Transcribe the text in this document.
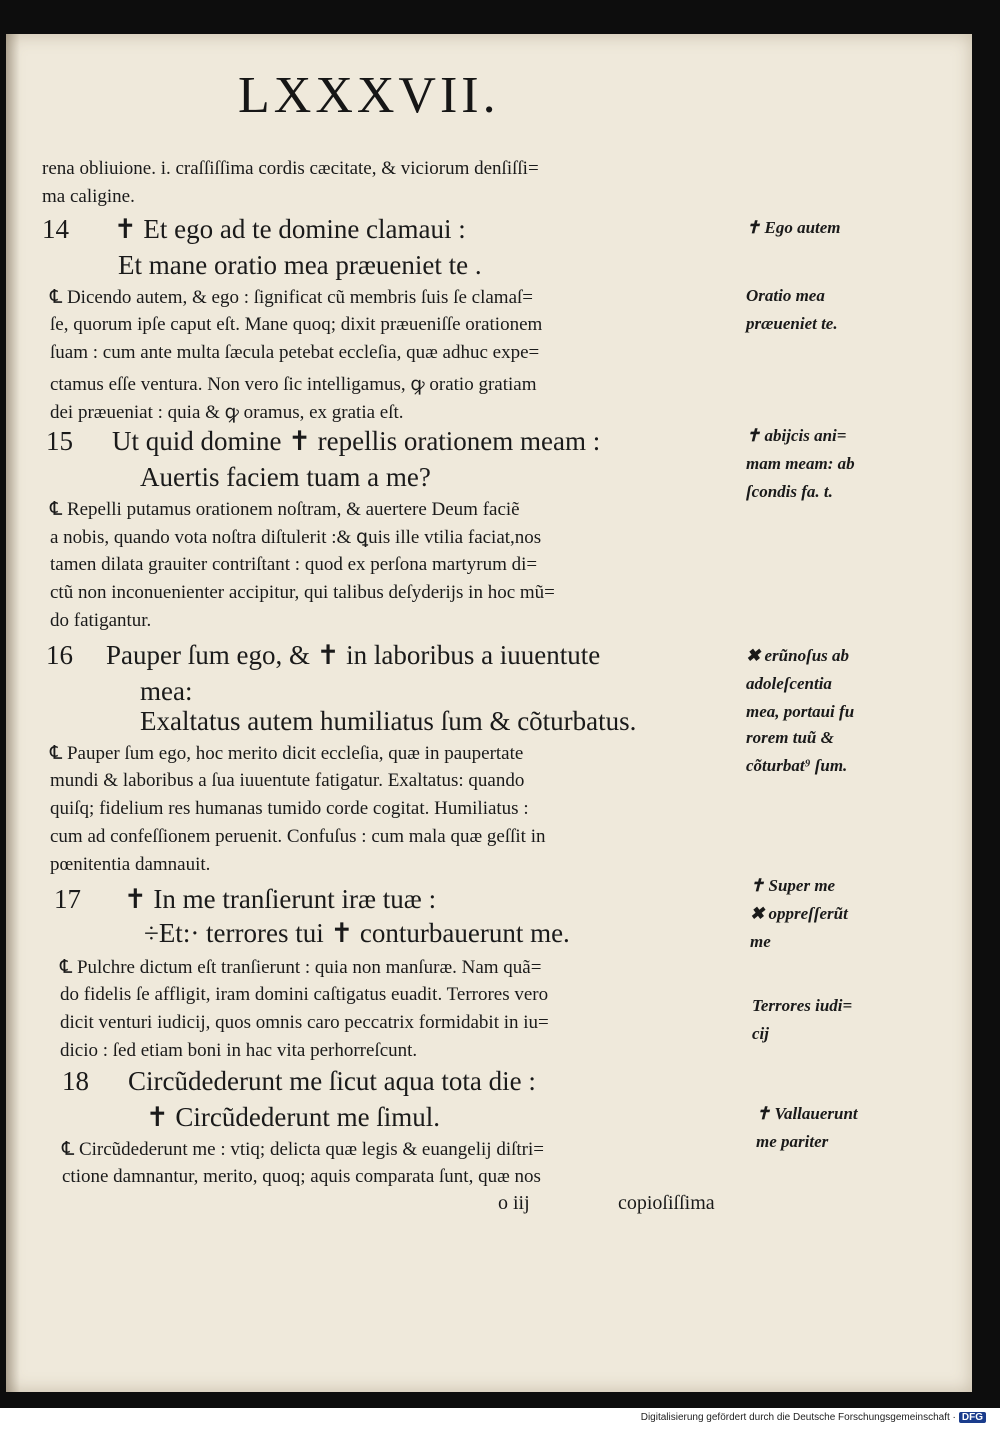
LXXXVII.
rena obliuione. i. craſſiſſima cordis cæcitate, & viciorum denſiſſi=
ma caligine.
14 ✝ Et ego ad te domine clamaui :
Et mane oratio mea præueniet te .
℄ Dicendo autem, & ego : ſignificat cũ membris ſuis ſe clamaſ=
ſe, quorum ipſe caput eſt. Mane quoq; dixit præueniſſe orationem
ſuam : cum ante multa ſæcula petebat eccleſia, quæ adhuc expe=
ctamus eſſe ventura. Non vero ſic intelligamus, ꝙ oratio gratiam
dei præueniat : quia & ꝙ oramus, ex gratia eſt.
15 Ut quid domine ✝ repellis orationem meam :
Auertis faciem tuam a me?
℄ Repelli putamus orationem noſtram, & auertere Deum faciẽ
a nobis, quando vota noſtra diſtulerit :& ꝗuis ille vtilia faciat,nos
tamen dilata grauiter contriſtant : quod ex perſona martyrum di=
ctũ non inconuenienter accipitur, qui talibus deſyderijs in hoc mũ=
do fatigantur.
16 Pauper ſum ego, & ✝ in laboribus a iuuentute
mea:
Exaltatus autem humiliatus ſum & cõturbatus.
℄ Pauper ſum ego, hoc merito dicit eccleſia, quæ in paupertate
mundi & laboribus a ſua iuuentute fatigatur. Exaltatus: quando
quiſq; fidelium res humanas tumido corde cogitat. Humiliatus :
cum ad confeſſionem peruenit. Confuſus : cum mala quæ geſſit in
pœnitentia damnauit.
17 ✝ In me tranſierunt iræ tuæ :
÷Et:· terrores tui ✝ conturbauerunt me.
℄ Pulchre dictum eſt tranſierunt : quia non manſuræ. Nam quã=
do fidelis ſe affligit, iram domini caſtigatus euadit. Terrores vero
dicit venturi iudicij, quos omnis caro peccatrix formidabit in iu=
dicio : ſed etiam boni in hac vita perhorreſcunt.
18 Circũdederunt me ſicut aqua tota die :
✝ Circũdederunt me ſimul.
℄ Circũdederunt me : vtiq; delicta quæ legis & euangelij diſtri=
ctione damnantur, merito, quoq; aquis comparata ſunt, quæ nos
✝ Ego autem
Oratio mea
præueniet te.
✝ abijcis ani=
mam meam: ab
ſcondis fa. t.
✖ erũnoſus ab
adoleſcentia
mea, portaui fu
rorem tuũ &
cõturbat⁹ ſum.
✝ Super me
✖ oppreſſerũt
me
Terrores iudi=
cij
✝ Vallauerunt
me pariter
o iij	copioſiſſima
Digitalisierung gefördert durch die Deutsche Forschungsgemeinschaft · DFG
